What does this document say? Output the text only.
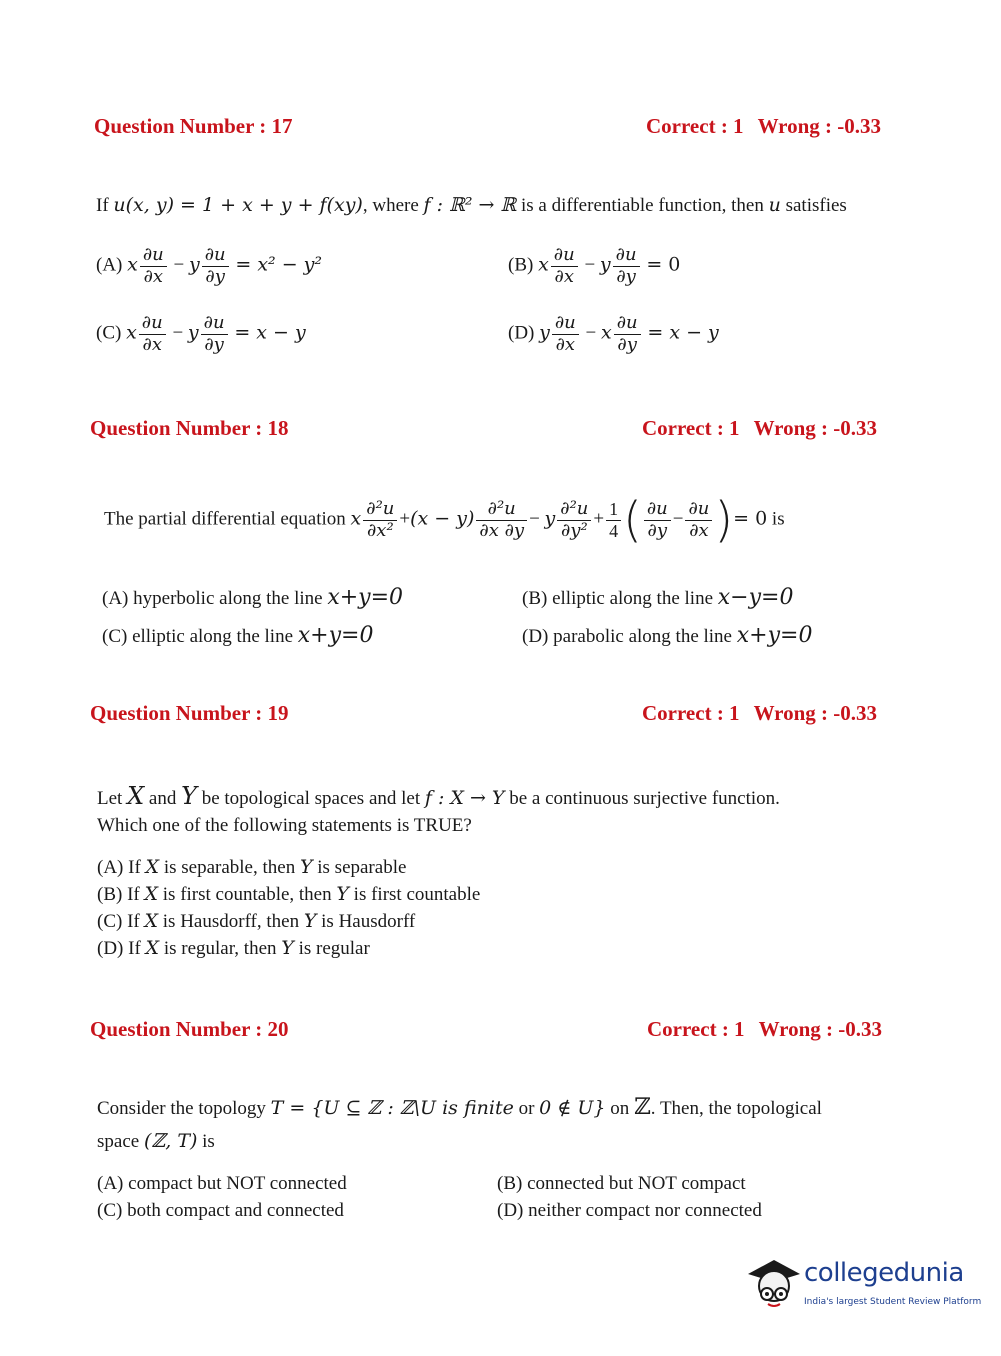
Question Number : 17	Correct : 1 Wrong : -0.33
If u(x, y) = 1 + x + y + f(xy), where f : ℝ² → ℝ is a differentiable function, then u satisfies
(A) x $\frac{\partial u}{\partial x} - y \frac{\partial u}{\partial y} = x^2 - y^2$	(B) x $\frac{\partial u}{\partial x} - y \frac{\partial u}{\partial y} = 0$
(C) x $\frac{\partial u}{\partial x} - y \frac{\partial u}{\partial y} = x - y$	(D) y $\frac{\partial u}{\partial x} - x \frac{\partial u}{\partial y} = x - y$
Question Number : 18	Correct : 1 Wrong : -0.33
The partial differential equation x $\frac{\text{∂²u}}{\text{∂x²}} +(x - y) \frac{\text{∂²u}}{\partial x \partial y} - y \frac{\text{∂²u}}{\text{∂y²}} + \frac{1}{4}$ ( $\frac{\partial u}{\partial y} - \frac{\partial u}{\partial x}$ )= 0 is
(A) hyperbolic along the line x+y=0	(B) elliptic along the line x−y=0
(C) elliptic along the line x+y=0	(D) parabolic along the line x+y=0
Question Number : 19	Correct : 1 Wrong : -0.33
Let X and Y be topological spaces and let f : X → Y be a continuous surjective function.
Which one of the following statements is TRUE?
(A) If X is separable, then Y is separable
(B) If X is first countable, then Y is first countable
(C) If X is Hausdorff, then Y is Hausdorff
(D) If X is regular, then Y is regular
Question Number : 20	Correct : 1 Wrong : -0.33
Consider the topology T = {U ⊆ ℤ : ℤ\U is finite or 0 ∉ U} on ℤ. Then, the topological
space (ℤ, T) is
(A) compact but NOT connected	(B) connected but NOT compact
(C) both compact and connected	(D) neither compact nor connected
collegedunia
India's largest Student Review Platform
